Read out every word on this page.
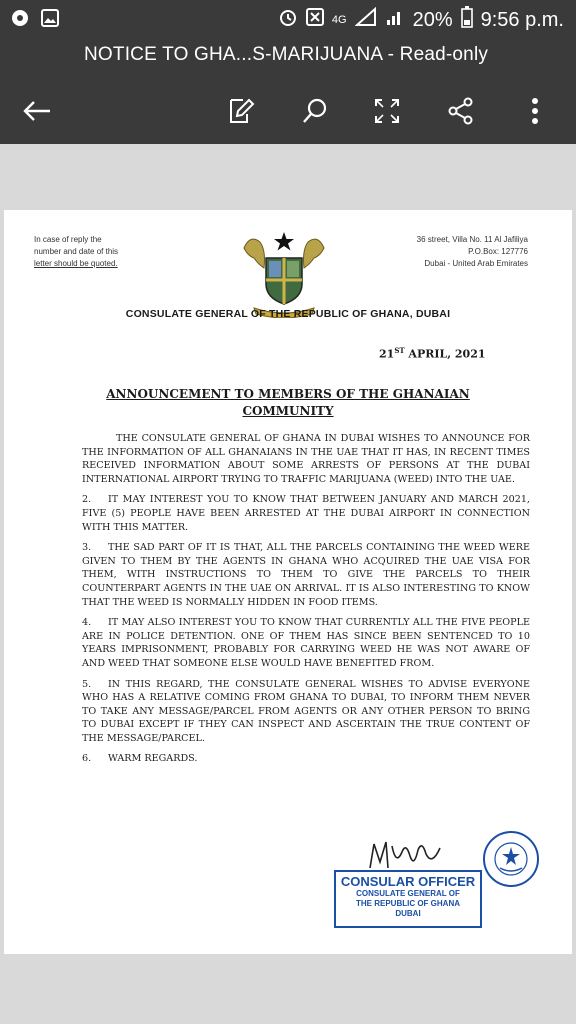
4G	20% 9:56 p.m.
NOTICE TO GHA...S-MARIJUANA - Read-only
In case of reply the
number and date of this
letter should be quoted.
36 street, Villa No. 11 Al Jafiliya
P.O.Box: 127776
Dubai - United Arab Emirates
CONSULATE GENERAL OF THE REPUBLIC OF GHANA, DUBAI
21ST APRIL, 2021
ANNOUNCEMENT TO MEMBERS OF THE GHANAIAN
COMMUNITY

THE CONSULATE GENERAL OF GHANA IN DUBAI WISHES TO ANNOUNCE FOR THE INFORMATION OF ALL GHANAIANS IN THE UAE THAT IT HAS, IN RECENT TIMES RECEIVED INFORMATION ABOUT SOME ARRESTS OF PERSONS AT THE DUBAI INTERNATIONAL AIRPORT TRYING TO TRAFFIC MARIJUANA (WEED) INTO THE UAE.

2. IT MAY INTEREST YOU TO KNOW THAT BETWEEN JANUARY AND MARCH 2021, FIVE (5) PEOPLE HAVE BEEN ARRESTED AT THE DUBAI AIRPORT IN CONNECTION WITH THIS MATTER.

3. THE SAD PART OF IT IS THAT, ALL THE PARCELS CONTAINING THE WEED WERE GIVEN TO THEM BY THE AGENTS IN GHANA WHO ACQUIRED THE UAE VISA FOR THEM, WITH INSTRUCTIONS TO THEM TO GIVE THE PARCELS TO THEIR COUNTERPART AGENTS IN THE UAE ON ARRIVAL. IT IS ALSO INTERESTING TO KNOW THAT THE WEED IS NORMALLY HIDDEN IN FOOD ITEMS.

4. IT MAY ALSO INTEREST YOU TO KNOW THAT CURRENTLY ALL THE FIVE PEOPLE ARE IN POLICE DETENTION. ONE OF THEM HAS SINCE BEEN SENTENCED TO 10 YEARS IMPRISONMENT, PROBABLY FOR CARRYING WEED HE WAS NOT AWARE OF AND WEED THAT SOMEONE ELSE WOULD HAVE BENEFITED FROM.

5. IN THIS REGARD, THE CONSULATE GENERAL WISHES TO ADVISE EVERYONE WHO HAS A RELATIVE COMING FROM GHANA TO DUBAI, TO INFORM THEM NEVER TO TAKE ANY MESSAGE/PARCEL FROM AGENTS OR ANY OTHER PERSON TO BRING TO DUBAI EXCEPT IF THEY CAN INSPECT AND ASCERTAIN THE TRUE CONTENT OF THE MESSAGE/PARCEL.

6. WARM REGARDS.

CONSULAR OFFICER
CONSULATE GENERAL OF
THE REPUBLIC OF GHANA
DUBAI
